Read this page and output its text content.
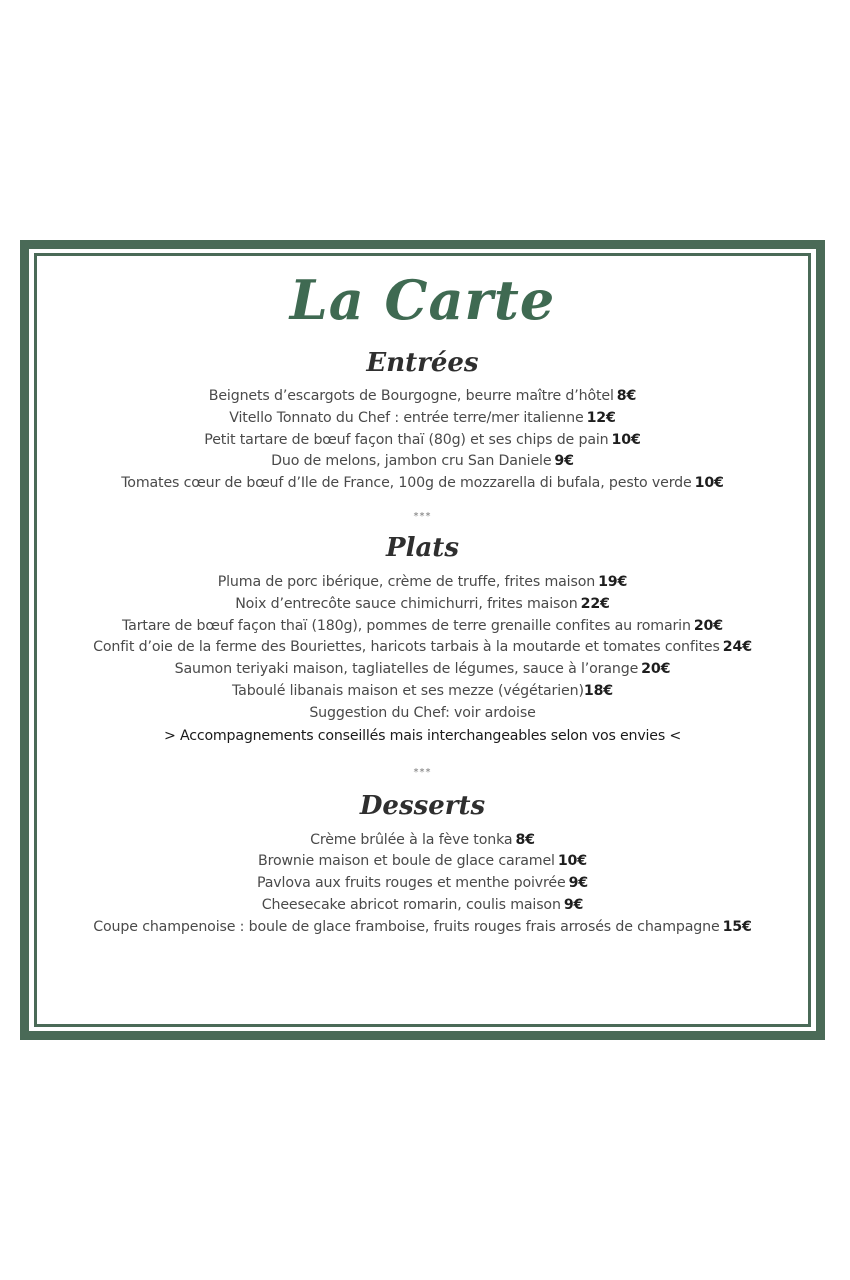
La Carte
Entrées
Beignets d’escargots de Bourgogne, beurre maître d’hôtel 8€
Vitello Tonnato du Chef : entrée terre/mer italienne 12€
Petit tartare de bœuf façon thaï (80g) et ses chips de pain 10€
Duo de melons, jambon cru San Daniele 9€
Tomates cœur de bœuf d’Ile de France, 100g de mozzarella di bufala, pesto verde 10€
***
Plats
Pluma de porc ibérique, crème de truffe, frites maison 19€
Noix d’entrecôte sauce chimichurri, frites maison 22€
Tartare de bœuf façon thaï (180g), pommes de terre grenaille confites au romarin 20€
Confit d’oie de la ferme des Bouriettes, haricots tarbais à la moutarde et tomates confites 24€
Saumon teriyaki maison, tagliatelles de légumes, sauce à l’orange 20€
Taboulé libanais maison et ses mezze (végétarien)18€
Suggestion du Chef: voir ardoise
> Accompagnements conseillés mais interchangeables selon vos envies <
***
Desserts
Crème brûlée à la fève tonka 8€
Brownie maison et boule de glace caramel 10€
Pavlova aux fruits rouges et menthe poivrée 9€
Cheesecake abricot romarin, coulis maison 9€
Coupe champenoise : boule de glace framboise, fruits rouges frais arrosés de champagne 15€
